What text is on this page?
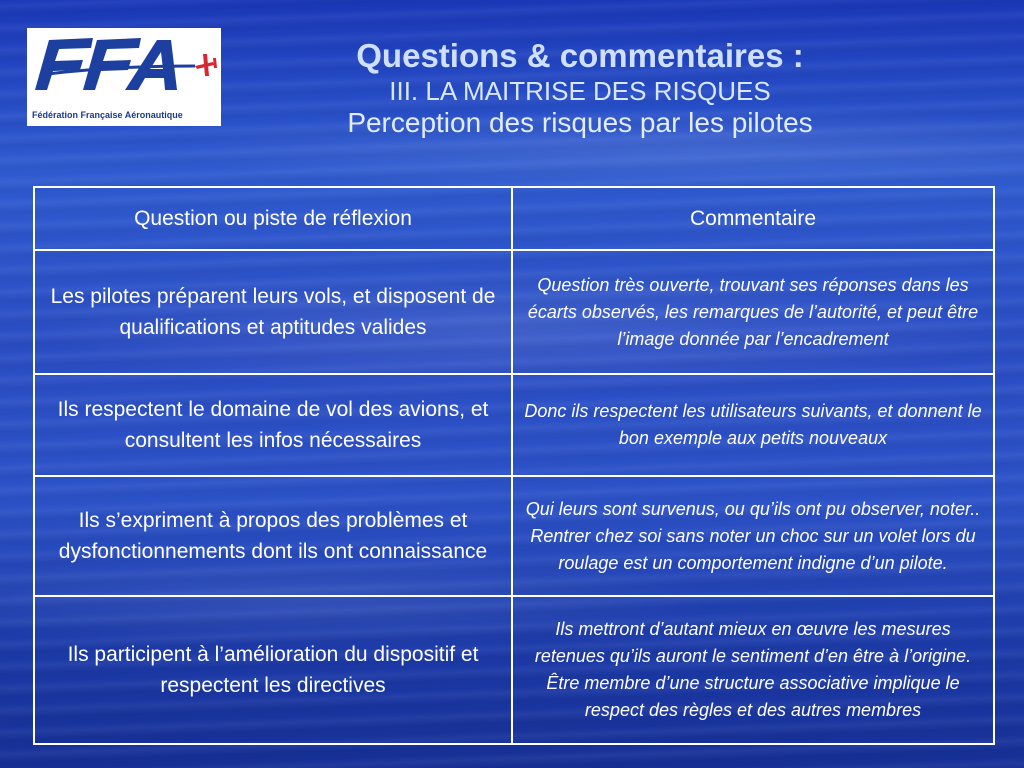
Fédération Française Aéronautique
Questions & commentaires :
III. LA MAITRISE DES RISQUES
Perception des risques par les pilotes
Question ou piste de réflexion	Commentaire
Les pilotes préparent leurs vols, et disposent de qualifications et aptitudes valides	Question très ouverte, trouvant ses réponses dans les écarts observés, les remarques de l’autorité, et peut être l’image donnée par l’encadrement
Ils respectent le domaine de vol des avions, et consultent les infos nécessaires	Donc ils respectent les utilisateurs suivants, et donnent le bon exemple aux petits nouveaux
Ils s’expriment à propos des problèmes et dysfonctionnements dont ils ont connaissance	Qui leurs sont survenus, ou qu’ils ont pu observer, noter.. Rentrer chez soi sans noter un choc sur un volet lors du roulage est un comportement indigne d’un pilote.
Ils participent à l’amélioration du dispositif et respectent les directives	Ils mettront d’autant mieux en œuvre les mesures retenues qu’ils auront le sentiment d’en être à l’origine. Être membre d’une structure associative implique le respect des règles et des autres membres
